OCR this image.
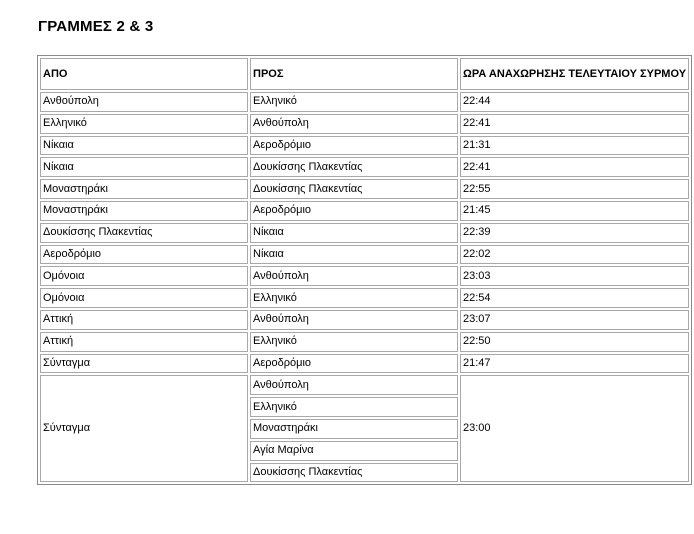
ΓΡΑΜΜΕΣ 2 & 3
ΑΠΟ	ΠΡΟΣ	ΩΡΑ ΑΝΑΧΩΡΗΣΗΣ ΤΕΛΕΥΤΑΙΟΥ ΣΥΡΜΟΥ
Ανθούπολη	Ελληνικό	22:44
Ελληνικό	Ανθούπολη	22:41
Νίκαια	Αεροδρόμιο	21:31
Νίκαια	Δουκίσσης Πλακεντίας	22:41
Μοναστηράκι	Δουκίσσης Πλακεντίας	22:55
Μοναστηράκι	Αεροδρόμιο	21:45
Δουκίσσης Πλακεντίας	Νίκαια	22:39
Αεροδρόμιο	Νίκαια	22:02
Ομόνοια	Ανθούπολη	23:03
Ομόνοια	Ελληνικό	22:54
Αττική	Ανθούπολη	23:07
Αττική	Ελληνικό	22:50
Σύνταγμα	Αεροδρόμιο	21:47
Σύνταγμα	Ανθούπολη	23:00
	Ελληνικό	
	Μοναστηράκι	
	Αγία Μαρίνα	
	Δουκίσσης Πλακεντίας	
